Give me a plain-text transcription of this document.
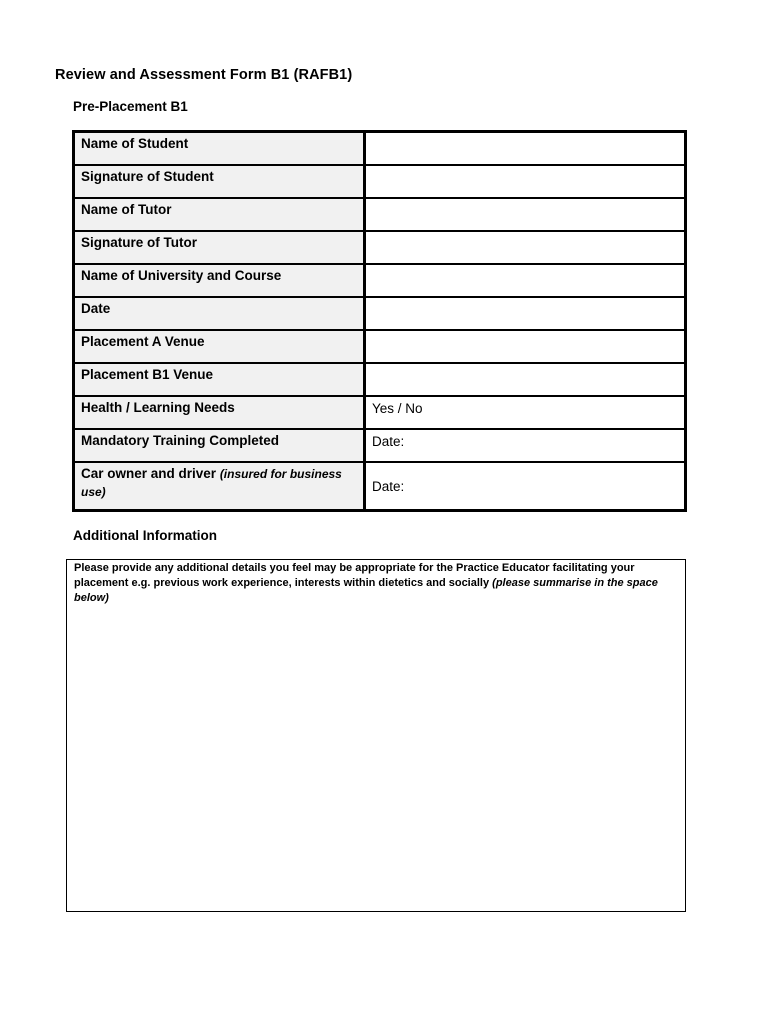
Review and Assessment Form B1 (RAFB1)
Pre-Placement B1
Name of Student	
Signature of Student	
Name of Tutor	
Signature of Tutor	
Name of University and Course	
Date	
Placement A Venue	
Placement B1 Venue	
Health / Learning Needs	Yes / No
Mandatory Training Completed	Date:
Car owner and driver (insured for business use)	Date:
Additional Information

Please provide any additional details you feel may be appropriate for the Practice Educator facilitating your placement e.g. previous work experience, interests within dietetics and socially (please summarise in the space below)
